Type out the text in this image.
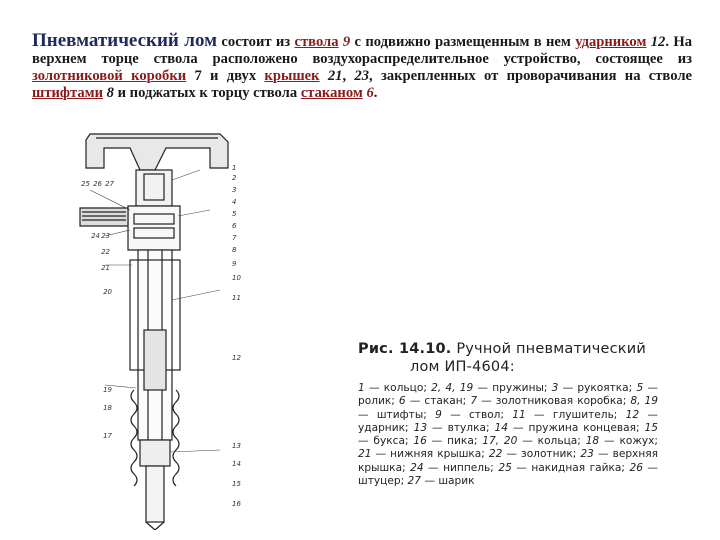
Пневматический лом состоит из ствола 9 с подвижно размещенным в нем ударником 12. На верхнем торце ствола расположено воздухораспределительное устройство, состоящее из золотниковой коробки 7 и двух крышек 21, 23, закрепленных от проворачивания на стволе штифтами 8 и поджатых к торцу ствола стаканом 6.
25 26 27
24 23
22
21
20
19
18
17
1
2
3
4
5
6
7
8
9
10
11
12
13
14
15
16
Рис. 14.10. Ручной пневматический
лом ИП-4604:
1 — кольцо; 2, 4, 19 — пружины; 3 — рукоятка; 5 — ролик; 6 — стакан; 7 — золотниковая коробка; 8, 19 — штифты; 9 — ствол; 11 — глушитель; 12 — ударник; 13 — втулка; 14 — пружина концевая; 15 — букса; 16 — пика; 17, 20 — кольца; 18 — кожух; 21 — нижняя крышка; 22 — золотник; 23 — верхняя крышка; 24 — ниппель; 25 — накидная гайка; 26 — штуцер; 27 — шарик
